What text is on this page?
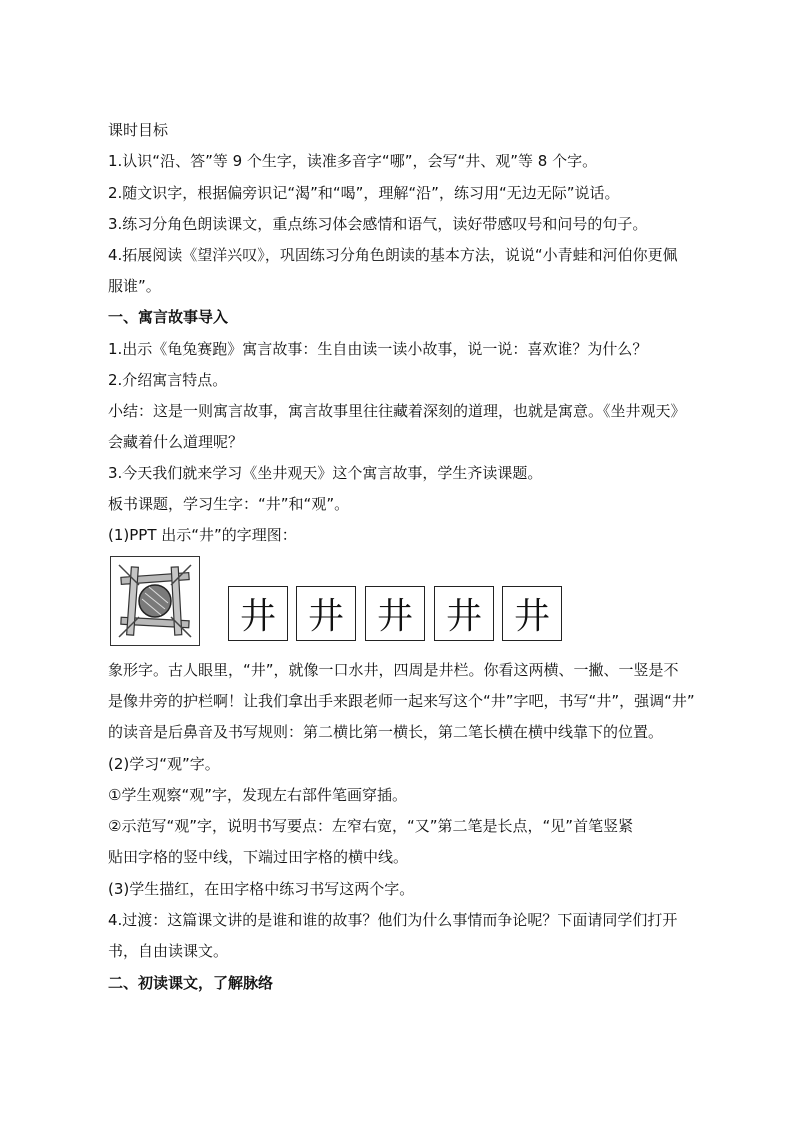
课时目标
1.认识“沿、答”等 9 个生字，读准多音字“哪”，会写“井、观”等 8 个字。
2.随文识字，根据偏旁识记“渴”和“喝”，理解“沿”，练习用“无边无际”说话。
3.练习分角色朗读课文，重点练习体会感情和语气，读好带感叹号和问号的句子。
4.拓展阅读《望洋兴叹》，巩固练习分角色朗读的基本方法，说说“小青蛙和河伯你更佩
服谁”。
一、寓言故事导入
1.出示《龟兔赛跑》寓言故事：生自由读一读小故事，说一说：喜欢谁？为什么？
2.介绍寓言特点。
小结：这是一则寓言故事，寓言故事里往往藏着深刻的道理，也就是寓意。《坐井观天》
会藏着什么道理呢？
3.今天我们就来学习《坐井观天》这个寓言故事，学生齐读课题。
板书课题，学习生字：“井”和“观”。
(1)PPT 出示“井”的字理图：
井 井 井 井 井
象形字。古人眼里，“井”，就像一口水井，四周是井栏。你看这两横、一撇、一竖是不
是像井旁的护栏啊！让我们拿出手来跟老师一起来写这个“井”字吧，书写“井”，强调“井”
的读音是后鼻音及书写规则：第二横比第一横长，第二笔长横在横中线靠下的位置。
(2)学习“观”字。
①学生观察“观”字，发现左右部件笔画穿插。
②示范写“观”字，说明书写要点：左窄右宽，“又”第二笔是长点，“见”首笔竖紧
贴田字格的竖中线，下端过田字格的横中线。
(3)学生描红，在田字格中练习书写这两个字。
4.过渡：这篇课文讲的是谁和谁的故事？他们为什么事情而争论呢？下面请同学们打开
书，自由读课文。
二、初读课文，了解脉络
